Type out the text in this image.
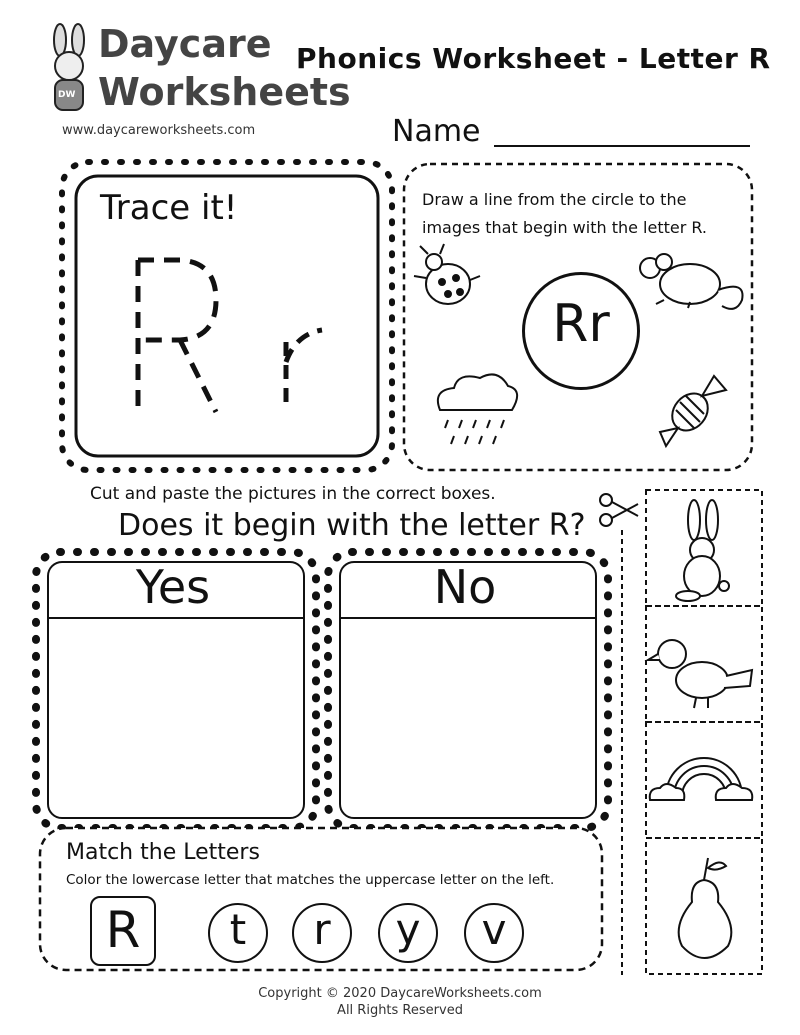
Daycare
Worksheets
DW
www.daycareworksheets.com
Phonics Worksheet - Letter R
Name
Trace it!	Draw a line from the circle to the images that begin with the letter R.
Rr
Cut and paste the pictures in the correct boxes.
Does it begin with the letter R?
Yes	No
Match the Letters
Color the lowercase letter that matches the uppercase letter on the left.
R	t	r	y	v
Copyright © 2020 DaycareWorksheets.com
All Rights Reserved
